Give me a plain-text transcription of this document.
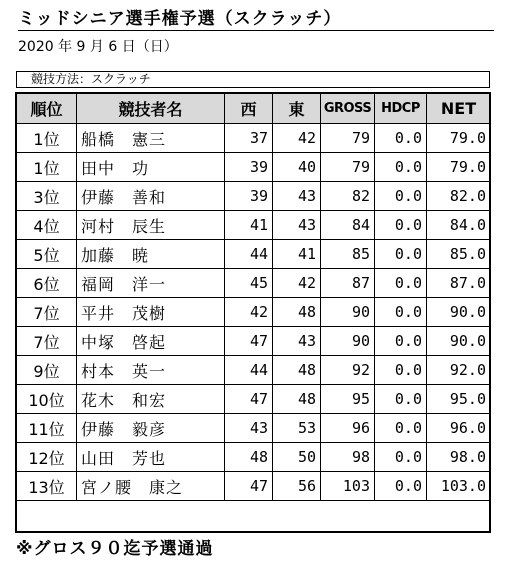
ミッドシニア選手権予選（スクラッチ）
2020 年 9 月 6 日（日）
競技方法：スクラッチ
順位	競技者名	西	東	GROSS	HDCP	NET
1位	船橋　憲三	37	42	79	0.0	79.0
1位	田中　功	39	40	79	0.0	79.0
3位	伊藤　善和	39	43	82	0.0	82.0
4位	河村　辰生	41	43	84	0.0	84.0
5位	加藤　暁	44	41	85	0.0	85.0
6位	福岡　洋一	45	42	87	0.0	87.0
7位	平井　茂樹	42	48	90	0.0	90.0
7位	中塚　啓起	47	43	90	0.0	90.0
9位	村本　英一	44	48	92	0.0	92.0
10位	花木　和宏	47	48	95	0.0	95.0
11位	伊藤　毅彦	43	53	96	0.0	96.0
12位	山田　芳也	48	50	98	0.0	98.0
13位	宮ノ腰　康之	47	56	103	0.0	103.0
※グロス９０迄予選通過
